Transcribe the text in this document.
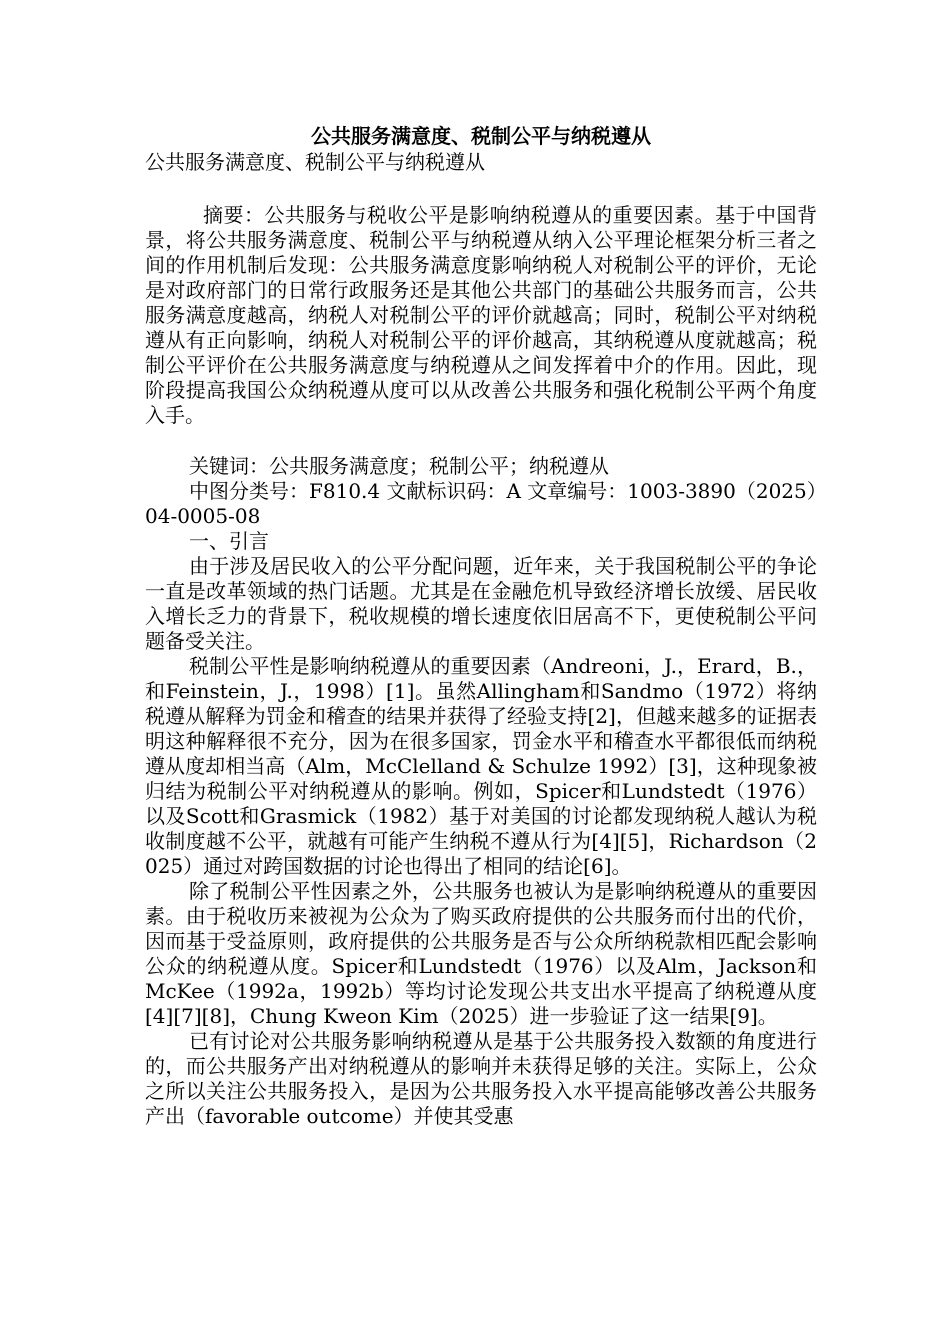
公共服务满意度、税制公平与纳税遵从

公共服务满意度、税制公平与纳税遵从

摘要：公共服务与税收公平是影响纳税遵从的重要因素。基于中国背景，将公共服务满意度、税制公平与纳税遵从纳入公平理论框架分析三者之间的作用机制后发现：公共服务满意度影响纳税人对税制公平的评价，无论是对政府部门的日常行政服务还是其他公共部门的基础公共服务而言，公共服务满意度越高，纳税人对税制公平的评价就越高；同时，税制公平对纳税遵从有正向影响，纳税人对税制公平的评价越高，其纳税遵从度就越高；税制公平评价在公共服务满意度与纳税遵从之间发挥着中介的作用。因此，现阶段提高我国公众纳税遵从度可以从改善公共服务和强化税制公平两个角度入手。

关键词：公共服务满意度；税制公平；纳税遵从

中图分类号：F810.4 文献标识码：A 文章编号：1003-3890（2025）04-0005-08

一、引言

由于涉及居民收入的公平分配问题，近年来，关于我国税制公平的争论一直是改革领域的热门话题。尤其是在金融危机导致经济增长放缓、居民收入增长乏力的背景下，税收规模的增长速度依旧居高不下，更使税制公平问题备受关注。

税制公平性是影响纳税遵从的重要因素（Andreoni，J.，Erard，B.，和Feinstein，J.，1998）[1]。虽然Allingham和Sandmo（1972）将纳税遵从解释为罚金和稽查的结果并获得了经验支持[2]，但越来越多的证据表明这种解释很不充分，因为在很多国家，罚金水平和稽查水平都很低而纳税遵从度却相当高（Alm，McClelland & Schulze 1992）[3]，这种现象被归结为税制公平对纳税遵从的影响。例如，Spicer和Lundstedt（1976）以及Scott和Grasmick（1982）基于对美国的讨论都发现纳税人越认为税收制度越不公平，就越有可能产生纳税不遵从行为[4][5]，Richardson（2025）通过对跨国数据的讨论也得出了相同的结论[6]。

除了税制公平性因素之外，公共服务也被认为是影响纳税遵从的重要因素。由于税收历来被视为公众为了购买政府提供的公共服务而付出的代价，因而基于受益原则，政府提供的公共服务是否与公众所纳税款相匹配会影响公众的纳税遵从度。Spicer和Lundstedt（1976）以及Alm，Jackson和McKee（1992a，1992b）等均讨论发现公共支出水平提高了纳税遵从度[4][7][8]，Chung Kweon Kim（2025）进一步验证了这一结果[9]。

已有讨论对公共服务影响纳税遵从是基于公共服务投入数额的角度进行的，而公共服务产出对纳税遵从的影响并未获得足够的关注。实际上，公众之所以关注公共服务投入，是因为公共服务投入水平提高能够改善公共服务产出（favorable outcome）并使其受惠
